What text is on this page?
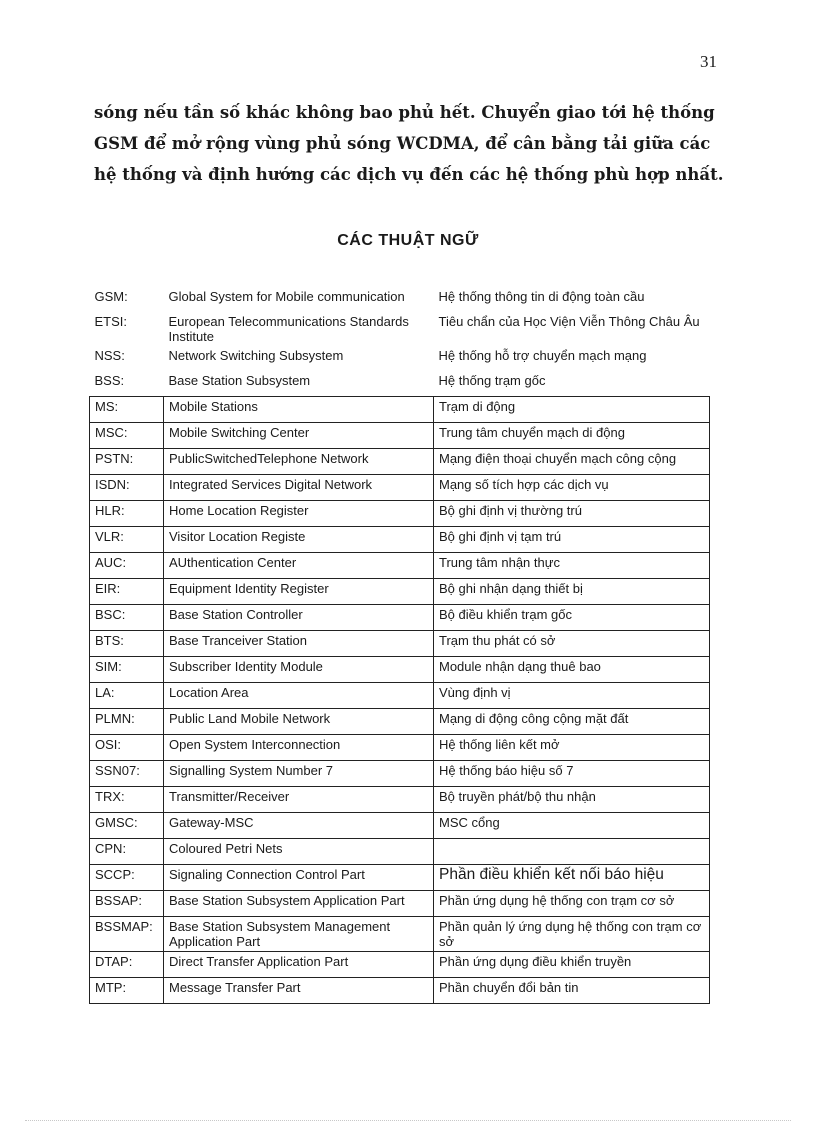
31

sóng nếu tần số khác không bao phủ hết. Chuyển giao tới hệ thống GSM để mở rộng vùng phủ sóng WCDMA, để cân bằng tải giữa các hệ thống và định hướng các dịch vụ đến các hệ thống phù hợp nhất.

CÁC THUẬT NGỮ
GSM:	Global System for Mobile communication	Hệ thống thông tin di động toàn cầu
ETSI:	European Telecommunications Standards Institute	Tiêu chẩn của Học Viện Viễn Thông Châu Âu
NSS:	Network Switching Subsystem	Hệ thống hỗ trợ chuyển mạch mạng
BSS:	Base Station Subsystem	Hệ thống trạm gốc
MS:	Mobile Stations	Trạm di động
MSC:	Mobile Switching Center	Trung tâm chuyển mạch di động
PSTN:	PublicSwitchedTelephone Network	Mạng điện thoại chuyển mạch công cộng
ISDN:	Integrated Services Digital Network	Mạng số tích hợp các dịch vụ
HLR:	Home Location Register	Bộ ghi định vị thường trú
VLR:	Visitor Location Registe	Bộ ghi định vị tạm trú
AUC:	AUthentication Center	Trung tâm nhận thực
EIR:	Equipment Identity Register	Bộ ghi nhận dạng thiết bị
BSC:	Base Station Controller	Bộ điều khiển trạm gốc
BTS:	Base Tranceiver Station	Trạm thu phát có sở
SIM:	Subscriber Identity Module	Module nhận dạng thuê bao
LA:	Location Area	Vùng định vị
PLMN:	Public Land Mobile Network	Mạng di động công cộng mặt đất
OSI:	Open System Interconnection	Hệ thống liên kết mở
SSN07:	Signalling System Number 7	Hệ thống báo hiệu số 7
TRX:	Transmitter/Receiver	Bộ truyền phát/bộ thu nhận
GMSC:	Gateway-MSC	MSC cổng
CPN:	Coloured Petri Nets	
SCCP:	Signaling Connection Control Part	Phần điều khiển kết nối báo hiệu
BSSAP:	Base Station Subsystem Application Part	Phần ứng dụng hệ thống con trạm cơ sở
BSSMAP:	Base Station Subsystem Management Application Part	Phần quản lý ứng dụng hệ thống con trạm cơ sở
DTAP:	Direct Transfer Application Part	Phần ứng dụng điều khiển truyền
MTP:	Message Transfer Part	Phần chuyển đổi bản tin
